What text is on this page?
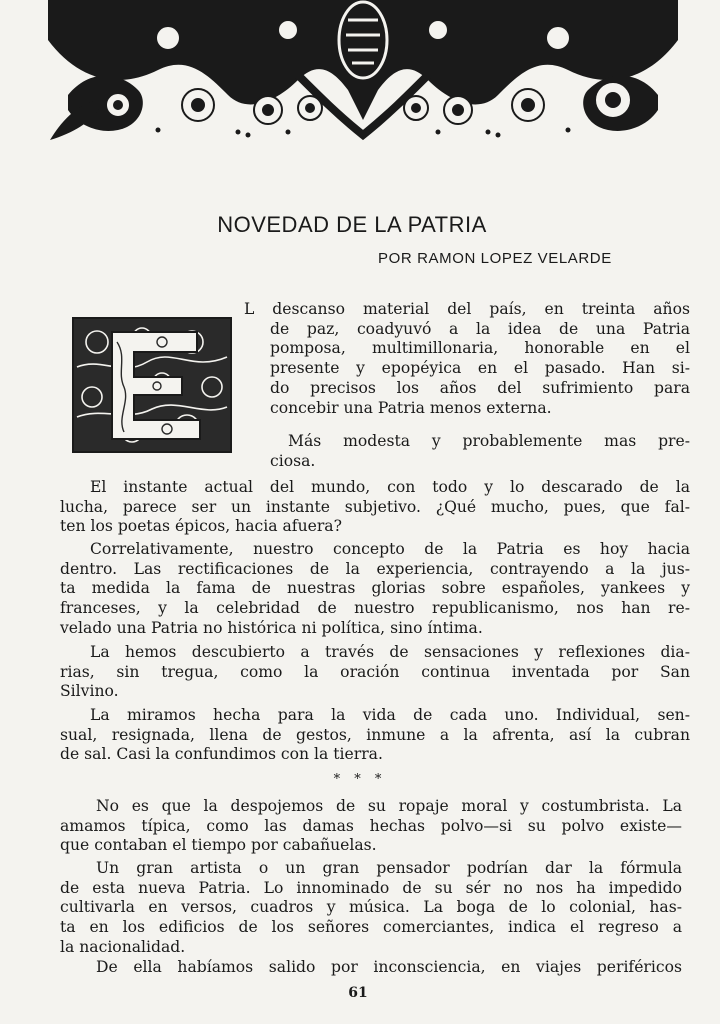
NOVEDAD DE LA PATRIA
POR RAMON LOPEZ VELARDE
L descanso material del país, en treinta años
de paz, coadyuvó a la idea de una Patria
pomposa, multimillonaria, honorable en el
presente y epopéyica en el pasado. Han si-
do precisos los años del sufrimiento para
concebir una Patria menos externa.
Más modesta y probablemente mas pre-
ciosa.
El instante actual del mundo, con todo y lo descarado de la
lucha, parece ser un instante subjetivo. ¿Qué mucho, pues, que fal-
ten los poetas épicos, hacia afuera?
Correlativamente, nuestro concepto de la Patria es hoy hacia
dentro. Las rectificaciones de la experiencia, contrayendo a la jus-
ta medida la fama de nuestras glorias sobre españoles, yankees y
franceses, y la celebridad de nuestro republicanismo, nos han re-
velado una Patria no histórica ni política, sino íntima.
La hemos descubierto a través de sensaciones y reflexiones dia-
rias, sin tregua, como la oración continua inventada por San
Silvino.
La miramos hecha para la vida de cada uno. Individual, sen-
sual, resignada, llena de gestos, inmune a la afrenta, así la cubran
de sal. Casi la confundimos con la tierra.
* * *
No es que la despojemos de su ropaje moral y costumbrista. La
amamos típica, como las damas hechas polvo—si su polvo existe—
que contaban el tiempo por cabañuelas.
Un gran artista o un gran pensador podrían dar la fórmula
de esta nueva Patria. Lo innominado de su sér no nos ha impedido
cultivarla en versos, cuadros y música. La boga de lo colonial, has-
ta en los edificios de los señores comerciantes, indica el regreso a
la nacionalidad.
De ella habíamos salido por inconsciencia, en viajes periféricos
61
